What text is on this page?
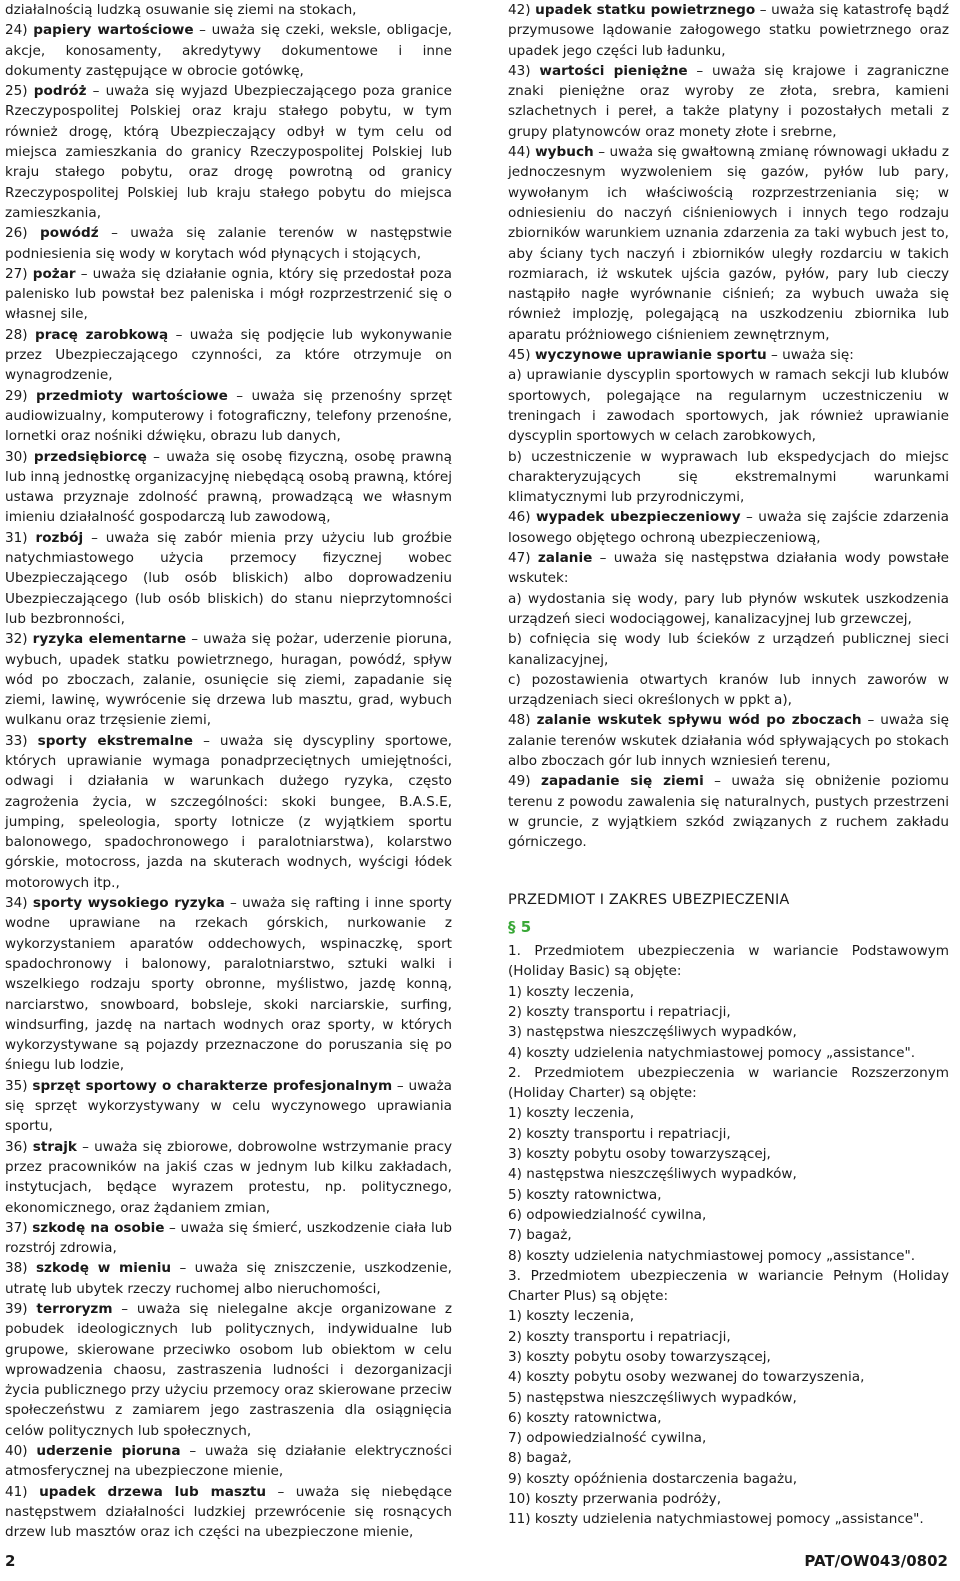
działalnością ludzką osuwanie się ziemi na stokach,

24) papiery wartościowe – uważa się czeki, weksle, obligacje, akcje, konosamenty, akredytywy dokumentowe i inne dokumenty zastępujące w obrocie gotówkę,

25) podróż – uważa się wyjazd Ubezpieczającego poza granice Rzeczypospolitej Polskiej oraz kraju stałego pobytu, w tym również drogę, którą Ubezpieczający odbył w tym celu od miejsca zamieszkania do granicy Rzeczypospolitej Polskiej lub kraju stałego pobytu, oraz drogę powrotną od granicy Rzeczypospolitej Polskiej lub kraju stałego pobytu do miejsca zamieszkania,

26) powódź – uważa się zalanie terenów w następstwie podniesienia się wody w korytach wód płynących i stojących,

27) pożar – uważa się działanie ognia, który się przedostał poza palenisko lub powstał bez paleniska i mógł rozprzestrzenić się o własnej sile,

28) pracę zarobkową – uważa się podjęcie lub wykonywanie przez Ubezpieczającego czynności, za które otrzymuje on wynagrodzenie,

29) przedmioty wartościowe – uważa się przenośny sprzęt audiowizualny, komputerowy i fotograficzny, telefony przenośne, lornetki oraz nośniki dźwięku, obrazu lub danych,

30) przedsiębiorcę – uważa się osobę fizyczną, osobę prawną lub inną jednostkę organizacyjnę niebędącą osobą prawną, której ustawa przyznaje zdolność prawną, prowadzącą we własnym imieniu działalność gospodarczą lub zawodową,

31) rozbój – uważa się zabór mienia przy użyciu lub groźbie natychmiastowego użycia przemocy fizycznej wobec Ubezpieczającego (lub osób bliskich) albo doprowadzeniu Ubezpieczającego (lub osób bliskich) do stanu nieprzytomności lub bezbronności,

32) ryzyka elementarne – uważa się pożar, uderzenie pioruna, wybuch, upadek statku powietrznego, huragan, powódź, spływ wód po zboczach, zalanie, osunięcie się ziemi, zapadanie się ziemi, lawinę, wywrócenie się drzewa lub masztu, grad, wybuch wulkanu oraz trzęsienie ziemi,

33) sporty ekstremalne – uważa się dyscypliny sportowe, których uprawianie wymaga ponadprzeciętnych umiejętności, odwagi i działania w warunkach dużego ryzyka, często zagrożenia życia, w szczególności: skoki bungee, B.A.S.E, jumping, speleologia, sporty lotnicze (z wyjątkiem sportu balonowego, spadochronowego i paralotniarstwa), kolarstwo górskie, motocross, jazda na skuterach wodnych, wyścigi łódek motorowych itp.,

34) sporty wysokiego ryzyka – uważa się rafting i inne sporty wodne uprawiane na rzekach górskich, nurkowanie z wykorzystaniem aparatów oddechowych, wspinaczkę, sport spadochronowy i balonowy, paralotniarstwo, sztuki walki i wszelkiego rodzaju sporty obronne, myślistwo, jazdę konną, narciarstwo, snowboard, bobsleje, skoki narciarskie, surfing, windsurfing, jazdę na nartach wodnych oraz sporty, w których wykorzystywane są pojazdy przeznaczone do poruszania się po śniegu lub lodzie,

35) sprzęt sportowy o charakterze profesjonalnym – uważa się sprzęt wykorzystywany w celu wyczynowego uprawiania sportu,

36) strajk – uważa się zbiorowe, dobrowolne wstrzymanie pracy przez pracowników na jakiś czas w jednym lub kilku zakładach, instytucjach, będące wyrazem protestu, np. politycznego, ekonomicznego, oraz żądaniem zmian,

37) szkodę na osobie – uważa się śmierć, uszkodzenie ciała lub rozstrój zdrowia,

38) szkodę w mieniu – uważa się zniszczenie, uszkodzenie, utratę lub ubytek rzeczy ruchomej albo nieruchomości,

39) terroryzm – uważa się nielegalne akcje organizowane z pobudek ideologicznych lub politycznych, indywidualne lub grupowe, skierowane przeciwko osobom lub obiektom w celu wprowadzenia chaosu, zastraszenia ludności i dezorganizacji życia publicznego przy użyciu przemocy oraz skierowane przeciw społeczeństwu z zamiarem jego zastraszenia dla osiągnięcia celów politycznych lub społecznych,

40) uderzenie pioruna – uważa się działanie elektryczności atmosferycznej na ubezpieczone mienie,

41) upadek drzewa lub masztu – uważa się niebędące następstwem działalności ludzkiej przewrócenie się rosnących drzew lub masztów oraz ich części na ubezpieczone mienie,

42) upadek statku powietrznego – uważa się katastrofę bądź przymusowe lądowanie załogowego statku powietrznego oraz upadek jego części lub ładunku,

43) wartości pieniężne – uważa się krajowe i zagraniczne znaki pieniężne oraz wyroby ze złota, srebra, kamieni szlachetnych i pereł, a także platyny i pozostałych metali z grupy platynowców oraz monety złote i srebrne,

44) wybuch – uważa się gwałtowną zmianę równowagi układu z jednoczesnym wyzwoleniem się gazów, pyłów lub pary, wywołanym ich właściwością rozprzestrzeniania się; w odniesieniu do naczyń ciśnieniowych i innych tego rodzaju zbiorników warunkiem uznania zdarzenia za taki wybuch jest to, aby ściany tych naczyń i zbiorników uległy rozdarciu w takich rozmiarach, iż wskutek ujścia gazów, pyłów, pary lub cieczy nastąpiło nagłe wyrównanie ciśnień; za wybuch uważa się również implozję, polegającą na uszkodzeniu zbiornika lub aparatu próżniowego ciśnieniem zewnętrznym,

45) wyczynowe uprawianie sportu – uważa się:

a) uprawianie dyscyplin sportowych w ramach sekcji lub klubów sportowych, polegające na regularnym uczestniczeniu w treningach i zawodach sportowych, jak również uprawianie dyscyplin sportowych w celach zarobkowych,

b) uczestniczenie w wyprawach lub ekspedycjach do miejsc charakteryzujących się ekstremalnymi warunkami klimatycznymi lub przyrodniczymi,

46) wypadek ubezpieczeniowy – uważa się zajście zdarzenia losowego objętego ochroną ubezpieczeniową,

47) zalanie – uważa się następstwa działania wody powstałe wskutek:

a) wydostania się wody, pary lub płynów wskutek uszkodzenia urządzeń sieci wodociągowej, kanalizacyjnej lub grzewczej,

b) cofnięcia się wody lub ścieków z urządzeń publicznej sieci kanalizacyjnej,

c) pozostawienia otwartych kranów lub innych zaworów w urządzeniach sieci określonych w ppkt a),

48) zalanie wskutek spływu wód po zboczach – uważa się zalanie terenów wskutek działania wód spływających po stokach albo zboczach gór lub innych wzniesień terenu,

49) zapadanie się ziemi – uważa się obniżenie poziomu terenu z powodu zawalenia się naturalnych, pustych przestrzeni w gruncie, z wyjątkiem szkód związanych z ruchem zakładu górniczego.

PRZEDMIOT I ZAKRES UBEZPIECZENIA
§ 5

1. Przedmiotem ubezpieczenia w wariancie Podstawowym (Holiday Basic) są objęte:

1) koszty leczenia,

2) koszty transportu i repatriacji,

3) następstwa nieszczęśliwych wypadków,

4) koszty udzielenia natychmiastowej pomocy „assistance".

2. Przedmiotem ubezpieczenia w wariancie Rozszerzonym (Holiday Charter) są objęte:

1) koszty leczenia,

2) koszty transportu i repatriacji,

3) koszty pobytu osoby towarzyszącej,

4) następstwa nieszczęśliwych wypadków,

5) koszty ratownictwa,

6) odpowiedzialność cywilna,

7) bagaż,

8) koszty udzielenia natychmiastowej pomocy „assistance".

3. Przedmiotem ubezpieczenia w wariancie Pełnym (Holiday Charter Plus) są objęte:

1) koszty leczenia,

2) koszty transportu i repatriacji,

3) koszty pobytu osoby towarzyszącej,

4) koszty pobytu osoby wezwanej do towarzyszenia,

5) następstwa nieszczęśliwych wypadków,

6) koszty ratownictwa,

7) odpowiedzialność cywilna,

8) bagaż,

9) koszty opóźnienia dostarczenia bagażu,

10) koszty przerwania podróży,

11) koszty udzielenia natychmiastowej pomocy „assistance".

2	PAT/OW043/0802
